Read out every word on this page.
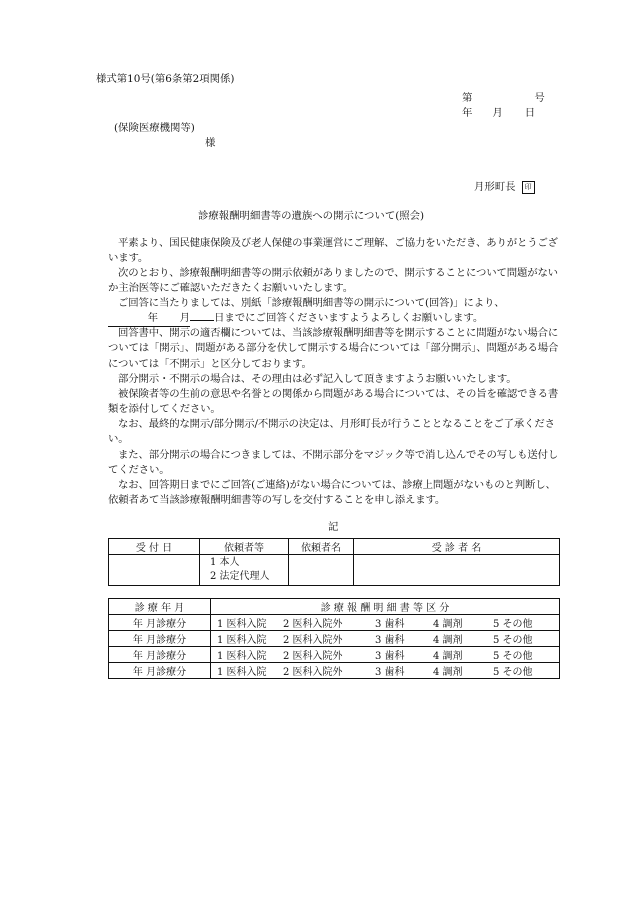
様式第10号(第6条第2項関係)
第	号
年 月 日
(保険医療機関等)
様
月形町長 印
診療報酬明細書等の遺族への開示について(照会)
平素より、国民健康保険及び老人保健の事業運営にご理解、ご協力をいただき、ありがとうございます。
次のとおり、診療報酬明細書等の開示依頼がありましたので、開示することについて問題がないか主治医等にご確認いただきたくお願いいたします。
ご回答に当たりましては、別紙「診療報酬明細書等の開示について(回答)」により、
年 月 日までにご回答くださいますようよろしくお願いします。
回答書中、開示の適否欄については、当該診療報酬明細書等を開示することに問題がない場合については「開示」、問題がある部分を伏して開示する場合については「部分開示」、問題がある場合については「不開示」と区分しております。
部分開示・不開示の場合は、その理由は必ず記入して頂きますようお願いいたします。
被保険者等の生前の意思や名誉との関係から問題がある場合については、その旨を確認できる書類を添付してください。
なお、最終的な開示/部分開示/不開示の決定は、月形町長が行うこととなることをご了承ください。
また、部分開示の場合につきましては、不開示部分をマジック等で消し込んでその写しも送付してください。
なお、回答期日までにご回答(ご連絡)がない場合については、診療上問題がないものと判断し、依頼者あて当該診療報酬明細書等の写しを交付することを申し添えます。
記
受 付 日	依頼者等	依頼者名	受 診 者 名

	1 本人
2 法定代理人		

診 療 年 月	診 療 報 酬 明 細 書 等 区 分
年 月診療分	1 医科入院 2 医科入院外 3 歯科 4 調剤 5 その他
年 月診療分	1 医科入院 2 医科入院外 3 歯科 4 調剤 5 その他
年 月診療分	1 医科入院 2 医科入院外 3 歯科 4 調剤 5 その他
年 月診療分	1 医科入院 2 医科入院外 3 歯科 4 調剤 5 その他
